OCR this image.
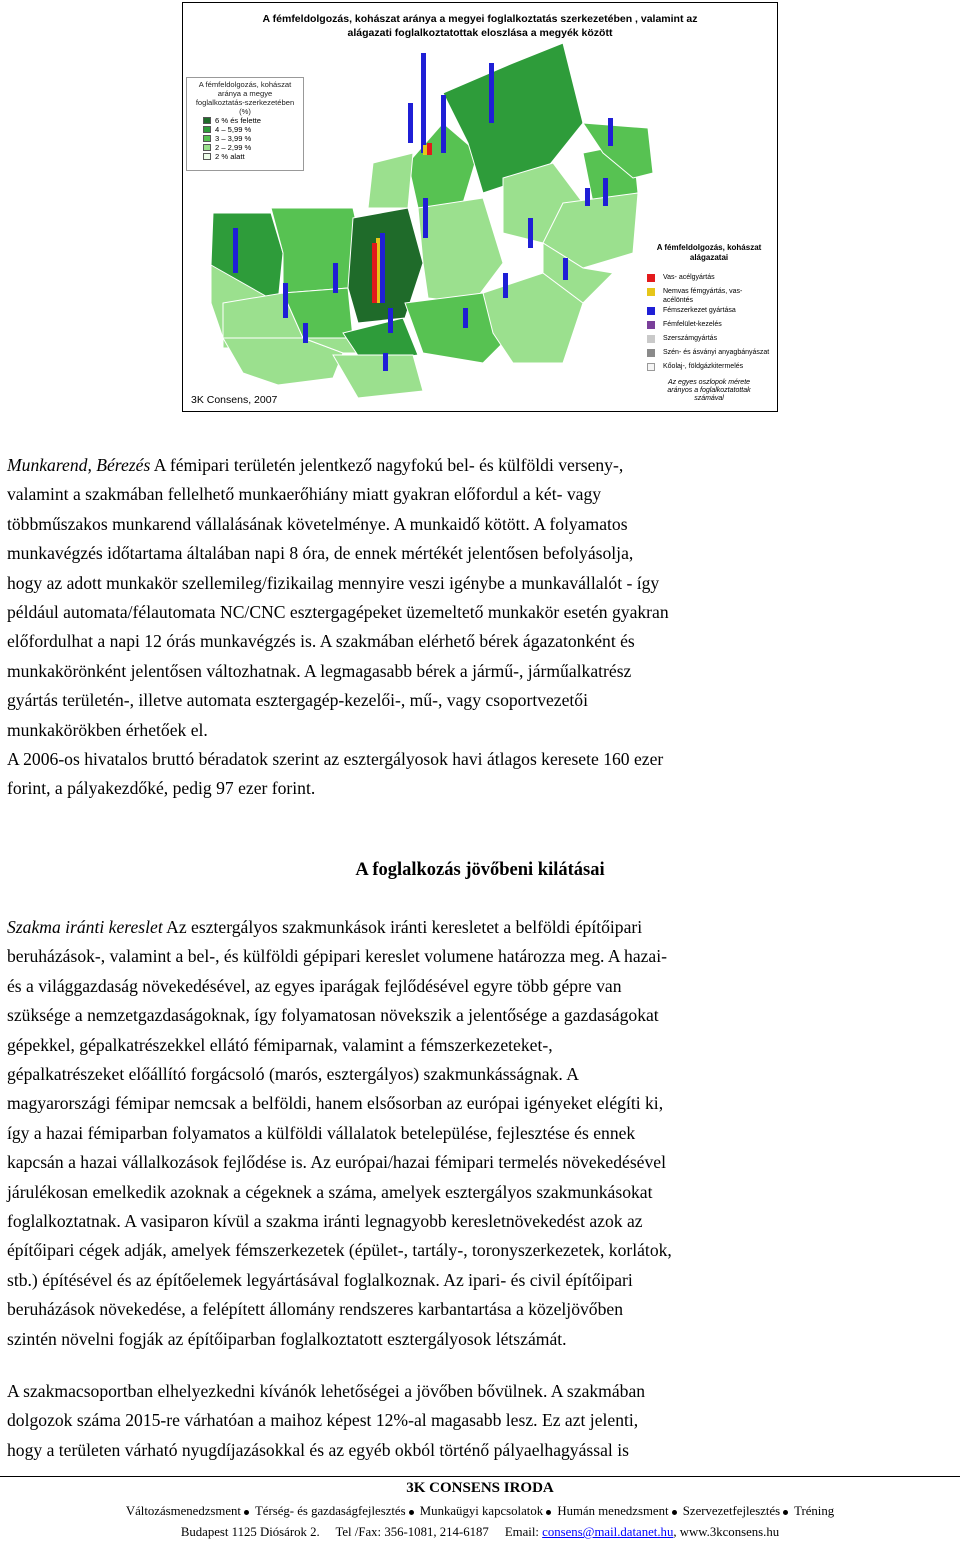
A fémfeldolgozás, kohászat aránya a megyei foglalkoztatás szerkezetében , valamint az
alágazati foglalkoztatottak eloszlása a megyék között
A fémfeldolgozás, kohászat
aránya a megye
foglalkoztatás-szerkezetében
(%)
6 % és felette
4 – 5,99 %
3 – 3,99 %
2 – 2,99 %
2 % alatt
A fémfeldolgozás, kohászat
alágazatai
Vas- acélgyártás
Nemvas fémgyártás, vas-
acélöntés
Fémszerkezet gyártása
Fémfelület-kezelés
Szerszámgyártás
Szén- és ásványi anyagbányászat
Kőolaj-, földgázkitermelés
Az egyes oszlopok mérete
arányos a foglalkoztatottak
számával
3K Consens, 2007
Munkarend, Bérezés A fémipari területén jelentkező nagyfokú bel- és külföldi verseny-,
valamint a szakmában fellelhető munkaerőhiány miatt gyakran előfordul a két- vagy
többműszakos munkarend vállalásának követelménye. A munkaidő kötött. A folyamatos
munkavégzés időtartama általában napi 8 óra, de ennek mértékét jelentősen befolyásolja,
hogy az adott munkakör szellemileg/fizikailag mennyire veszi igénybe a munkavállalót - így
például automata/félautomata NC/CNC esztergagépeket üzemeltető munkakör esetén gyakran
előfordulhat a napi 12 órás munkavégzés is. A szakmában elérhető bérek ágazatonként és
munkakörönként jelentősen változhatnak. A legmagasabb bérek a jármű-, járműalkatrész
gyártás területén-, illetve automata esztergagép-kezelői-, mű-, vagy csoportvezetői
munkakörökben érhetőek el.
A 2006-os hivatalos bruttó béradatok szerint az esztergályosok havi átlagos keresete 160 ezer
forint, a pályakezdőké, pedig 97 ezer forint.
A foglalkozás jövőbeni kilátásai
Szakma iránti kereslet Az esztergályos szakmunkások iránti keresletet a belföldi építőipari
beruházások-, valamint a bel-, és külföldi gépipari kereslet volumene határozza meg. A hazai-
és a világgazdaság növekedésével, az egyes iparágak fejlődésével egyre több gépre van
szüksége a nemzetgazdaságoknak, így folyamatosan növekszik a jelentősége a gazdaságokat
gépekkel, gépalkatrészekkel ellátó fémiparnak, valamint a fémszerkezeteket-,
gépalkatrészeket előállító forgácsoló (marós, esztergályos) szakmunkásságnak. A
magyarországi fémipar nemcsak a belföldi, hanem elsősorban az európai igényeket elégíti ki,
így a hazai fémiparban folyamatos a külföldi vállalatok betelepülése, fejlesztése és ennek
kapcsán a hazai vállalkozások fejlődése is. Az európai/hazai fémipari termelés növekedésével
járulékosan emelkedik azoknak a cégeknek a száma, amelyek esztergályos szakmunkásokat
foglalkoztatnak. A vasiparon kívül a szakma iránti legnagyobb keresletnövekedést azok az
építőipari cégek adják, amelyek fémszerkezetek (épület-, tartály-, toronyszerkezetek, korlátok,
stb.) építésével és az építőelemek legyártásával foglalkoznak. Az ipari- és civil építőipari
beruházások növekedése, a felépített állomány rendszeres karbantartása a közeljövőben
szintén növelni fogják az építőiparban foglalkoztatott esztergályosok létszámát.
A szakmacsoportban elhelyezkedni kívánók lehetőségei a jövőben bővülnek. A szakmában
dolgozok száma 2015-re várhatóan a maihoz képest 12%-al magasabb lesz. Ez azt jelenti,
hogy a területen várható nyugdíjazásokkal és az egyéb okból történő pályaelhagyással is
3K CONSENS IRODA
Változásmenedzsment Térség- és gazdaságfejlesztés Munkaügyi kapcsolatok Humán menedzsment Szervezetfejlesztés Tréning
Budapest 1125 Diósárok 2. Tel /Fax: 356-1081, 214-6187 Email: consens@mail.datanet.hu, www.3kconsens.hu
